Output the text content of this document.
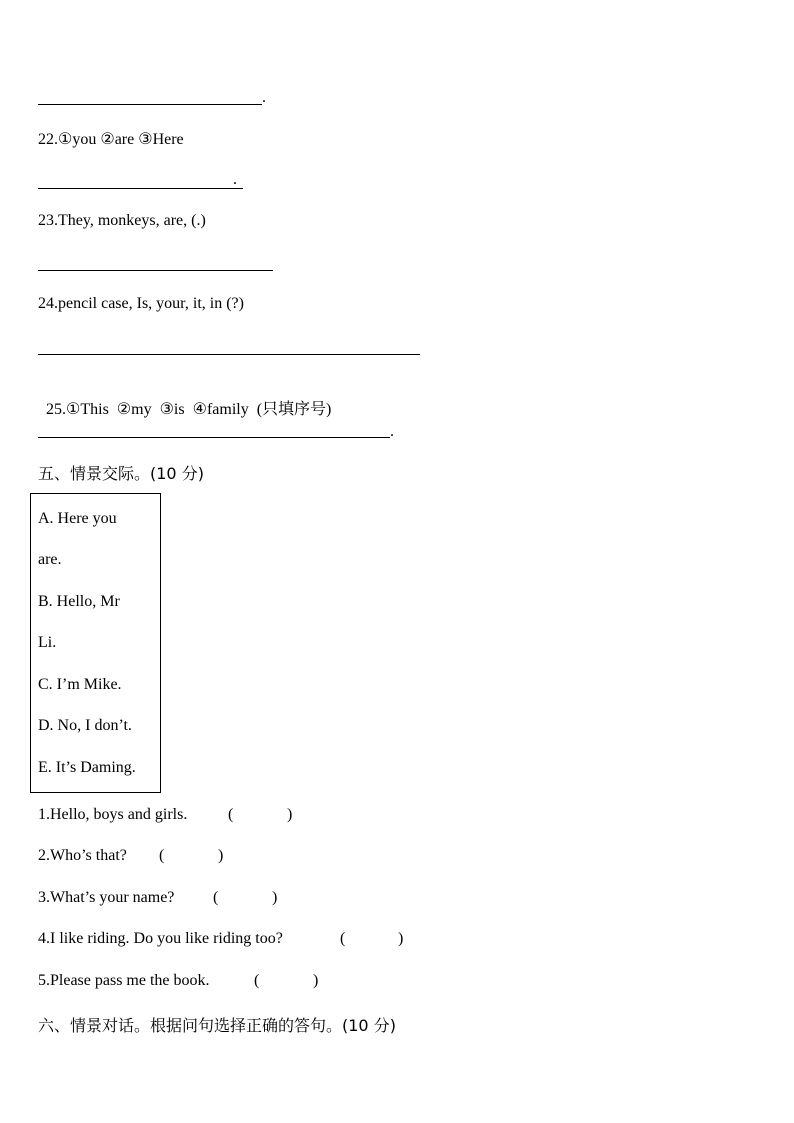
.
22.①you ②are ③Here
.
23.They, monkeys, are, (.)
24.pencil case, Is, your, it, in (?)

25.①This  ②my  ③is  ④family  (只填序号)

.
五、情景交际。(10 分)
A. Here you
are.
B. Hello, Mr
Li.
C. I’m Mike.
D. No, I don’t.
E. It’s Daming.
1.Hello, boys and girls.	(	)
2.Who’s that? (	)
3.What’s your name? (	)
4.I like riding. Do you like riding too?	(	)
5.Please pass me the book.	(	)
六、情景对话。根据问句选择正确的答句。(10 分)
